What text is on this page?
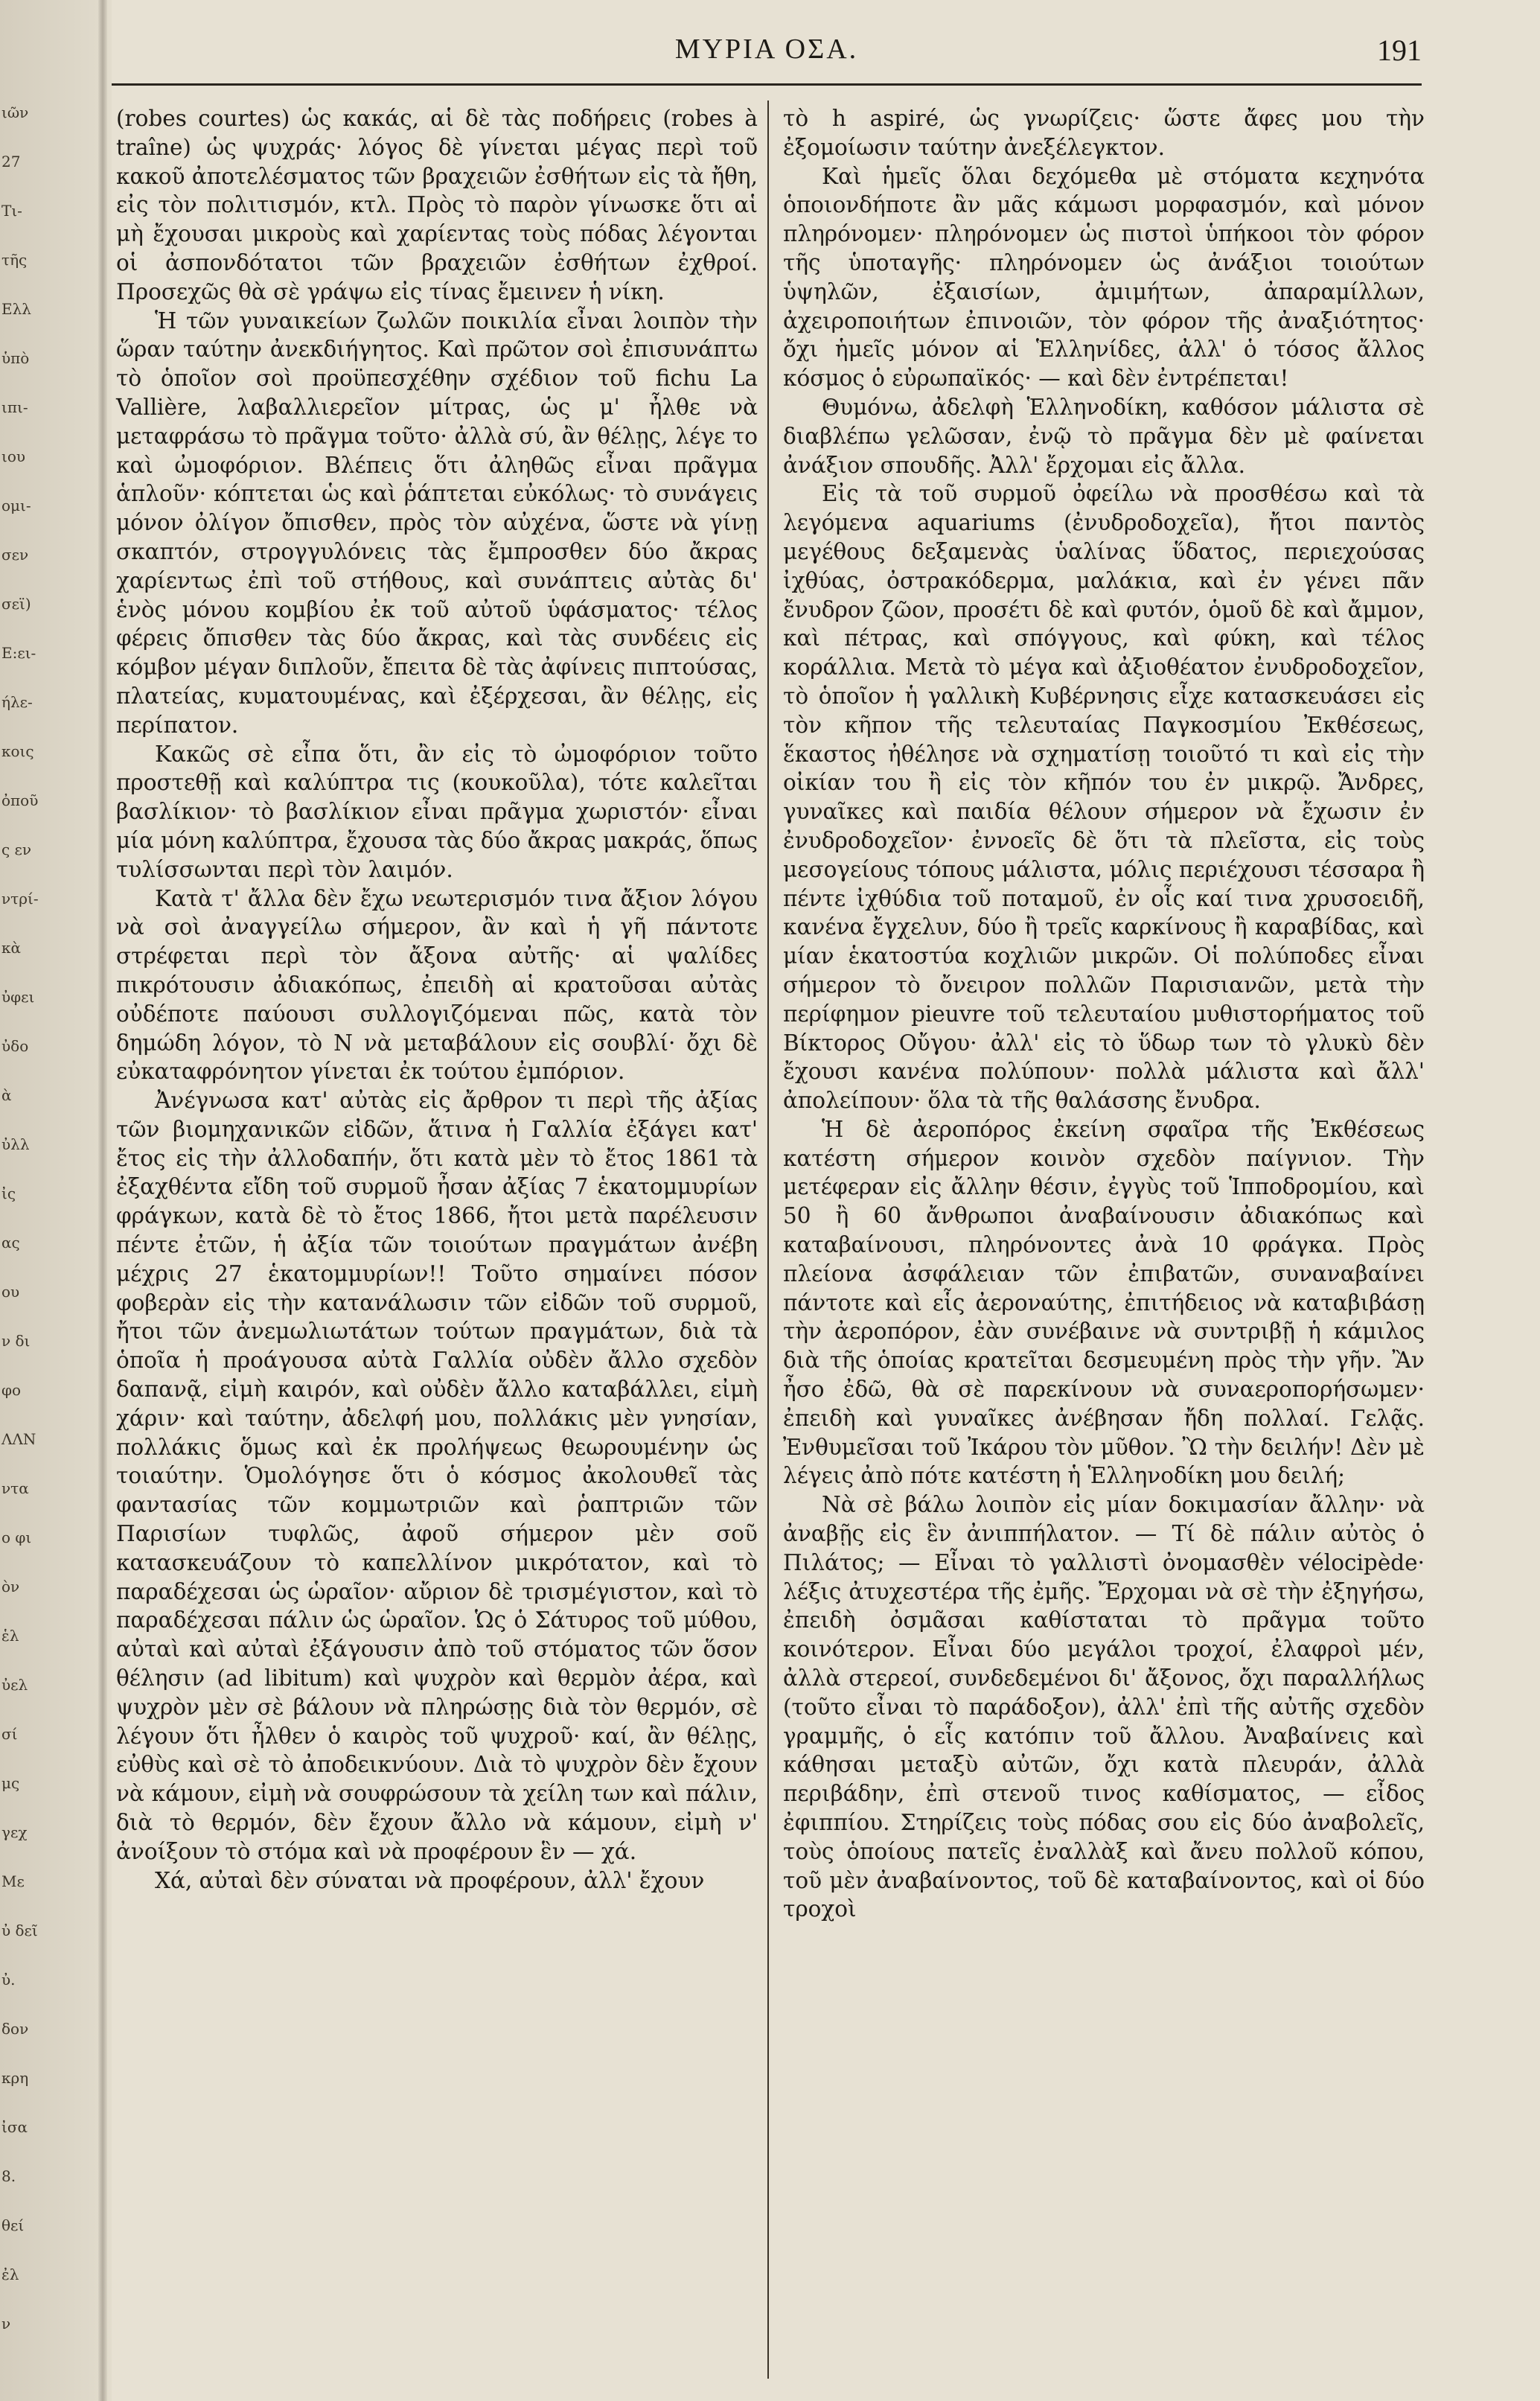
ιῶν
27
Tι-
τῆς
Ελλ
ὑπὸ
ιπι-
ιου
ομι-
σεν
σεϊ)
Ε:ει-
ήλε-
κοις
ὀποῦ
ς εν
ντρί-
κὰ
ὐφει
ὐδο
ὰ
ὐλλ
ἰς
ας
ου
ν δι
φο
ΛΛΝ
ντα
ο φι
ὸν
ἑλ
ὐελ
σί
μς
γεχ
Με
ὐ δεῖ
ὐ.
δον
κρη
ἰσα
8.
θεί
ἐλ
ν
ΜΥΡΙΑ ΟΣΑ.	191

(robes courtes) ὡς κακάς, αἱ δὲ τὰς ποδήρεις (robes à traîne) ὡς ψυχράς· λόγος δὲ γίνεται μέγας περὶ τοῦ κακοῦ ἀποτελέσματος τῶν βραχειῶν ἐσθήτων εἰς τὰ ἤθη, εἰς τὸν πολιτισμόν, κτλ. Πρὸς τὸ παρὸν γίνωσκε ὅτι αἱ μὴ ἔχουσαι μικροὺς καὶ χαρίεντας τοὺς πόδας λέγονται οἱ ἀσπονδότατοι τῶν βραχειῶν ἐσθήτων ἐχθροί. Προσεχῶς θὰ σὲ γράψω εἰς τίνας ἔμεινεν ἡ νίκη.

Ἡ τῶν γυναικείων ζωλῶν ποικιλία εἶναι λοιπὸν τὴν ὥραν ταύτην ἀνεκδιήγητος. Καὶ πρῶτον σοὶ ἐπισυνάπτω τὸ ὁποῖον σοὶ προϋπεσχέθην σχέδιον τοῦ fichu La Vallière, λαβαλλιερεῖον μίτρας, ὡς μ' ἦλθε νὰ μεταφράσω τὸ πρᾶγμα τοῦτο· ἀλλὰ σύ, ἂν θέλῃς, λέγε το καὶ ὠμοφόριον. Βλέπεις ὅτι ἀληθῶς εἶναι πρᾶγμα ἁπλοῦν· κόπτεται ὡς καὶ ῥάπτεται εὐκόλως· τὸ συνάγεις μόνον ὀλίγον ὄπισθεν, πρὸς τὸν αὐχένα, ὥστε νὰ γίνῃ σκαπτόν, στρογγυλόνεις τὰς ἔμπροσθεν δύο ἄκρας χαρίεντως ἐπὶ τοῦ στήθους, καὶ συνάπτεις αὐτὰς δι' ἑνὸς μόνου κομβίου ἐκ τοῦ αὐτοῦ ὑφάσματος· τέλος φέρεις ὄπισθεν τὰς δύο ἄκρας, καὶ τὰς συνδέεις εἰς κόμβον μέγαν διπλοῦν, ἔπειτα δὲ τὰς ἀφίνεις πιπτούσας, πλατείας, κυματουμένας, καὶ ἐξέρχεσαι, ἂν θέλῃς, εἰς περίπατον.

Κακῶς σὲ εἶπα ὅτι, ἂν εἰς τὸ ὠμοφόριον τοῦτο προστεθῇ καὶ καλύπτρα τις (κουκοῦλα), τότε καλεῖται βασλίκιον· τὸ βασλίκιον εἶναι πρᾶγμα χωριστόν· εἶναι μία μόνη καλύπτρα, ἔχουσα τὰς δύο ἄκρας μακράς, ὅπως τυλίσσωνται περὶ τὸν λαιμόν.

Κατὰ τ' ἄλλα δὲν ἔχω νεωτερισμόν τινα ἄξιον λόγου νὰ σοὶ ἀναγγείλω σήμερον, ἂν καὶ ἡ γῆ πάντοτε στρέφεται περὶ τὸν ἄξονα αὐτῆς· αἱ ψαλίδες πικρότουσιν ἀδιακόπως, ἐπειδὴ αἱ κρατοῦσαι αὐτὰς οὐδέποτε παύουσι συλλογιζόμεναι πῶς, κατὰ τὸν δημώδη λόγον, τὸ Ν νὰ μεταβάλουν εἰς σουβλί· ὄχι δὲ εὐκαταφρόνητον γίνεται ἐκ τούτου ἐμπόριον.

Ἀνέγνωσα κατ' αὐτὰς εἰς ἄρθρον τι περὶ τῆς ἀξίας τῶν βιομηχανικῶν εἰδῶν, ἅτινα ἡ Γαλλία ἐξάγει κατ' ἔτος εἰς τὴν ἀλλοδαπήν, ὅτι κατὰ μὲν τὸ ἔτος 1861 τὰ ἐξαχθέντα εἴδη τοῦ συρμοῦ ἦσαν ἀξίας 7 ἑκατομμυρίων φράγκων, κατὰ δὲ τὸ ἔτος 1866, ἤτοι μετὰ παρέλευσιν πέντε ἐτῶν, ἡ ἀξία τῶν τοιούτων πραγμάτων ἀνέβη μέχρις 27 ἑκατομμυρίων!! Τοῦτο σημαίνει πόσον φοβερὰν εἰς τὴν κατανάλωσιν τῶν εἰδῶν τοῦ συρμοῦ, ἤτοι τῶν ἀνεμωλιωτάτων τούτων πραγμάτων, διὰ τὰ ὁποῖα ἡ προάγουσα αὐτὰ Γαλλία οὐδὲν ἄλλο σχεδὸν δαπανᾷ, εἰμὴ καιρόν, καὶ οὐδὲν ἄλλο καταβάλλει, εἰμὴ χάριν· καὶ ταύτην, ἀδελφή μου, πολλάκις μὲν γνησίαν, πολλάκις ὅμως καὶ ἐκ προλήψεως θεωρουμένην ὡς τοιαύτην. Ὁμολόγησε ὅτι ὁ κόσμος ἀκολουθεῖ τὰς φαντασίας τῶν κομμωτριῶν καὶ ῥαπτριῶν τῶν Παρισίων τυφλῶς, ἀφοῦ σήμερον μὲν σοῦ κατασκευάζουν τὸ καπελλίνον μικρότατον, καὶ τὸ παραδέχεσαι ὡς ὡραῖον· αὔριον δὲ τρισμέγιστον, καὶ τὸ παραδέχεσαι πάλιν ὡς ὡραῖον. Ὡς ὁ Σάτυρος τοῦ μύθου, αὐταὶ καὶ αὐταὶ ἐξάγουσιν ἀπὸ τοῦ στόματος τῶν ὅσον θέλησιν (ad libitum) καὶ ψυχρὸν καὶ θερμὸν ἀέρα, καὶ ψυχρὸν μὲν σὲ βάλουν νὰ πληρώσῃς διὰ τὸν θερμόν, σὲ λέγουν ὅτι ἦλθεν ὁ καιρὸς τοῦ ψυχροῦ· καί, ἂν θέλῃς, εὐθὺς καὶ σὲ τὸ ἀποδεικνύουν. Διὰ τὸ ψυχρὸν δὲν ἔχουν νὰ κάμουν, εἰμὴ νὰ σουφρώσουν τὰ χείλη των καὶ πάλιν, διὰ τὸ θερμόν, δὲν ἔχουν ἄλλο νὰ κάμουν, εἰμὴ ν' ἀνοίξουν τὸ στόμα καὶ νὰ προφέρουν ἓν — χά.

Χά, αὐταὶ δὲν σύναται νὰ προφέρουν, ἀλλ' ἔχουν

τὸ h aspiré, ὡς γνωρίζεις· ὥστε ἄφες μου τὴν ἐξομοίωσιν ταύτην ἀνεξέλεγκτον.

Καὶ ἡμεῖς ὅλαι δεχόμεθα μὲ στόματα κεχηνότα ὁποιονδήποτε ἂν μᾶς κάμωσι μορφασμόν, καὶ μόνον πληρόνομεν· πληρόνομεν ὡς πιστοὶ ὑπήκοοι τὸν φόρον τῆς ὑποταγῆς· πληρόνομεν ὡς ἀνάξιοι τοιούτων ὑψηλῶν, ἐξαισίων, ἀμιμήτων, ἀπαραμίλλων, ἀχειροποιήτων ἐπινοιῶν, τὸν φόρον τῆς ἀναξιότητος· ὄχι ἡμεῖς μόνον αἱ Ἑλληνίδες, ἀλλ' ὁ τόσος ἄλλος κόσμος ὁ εὐρωπαϊκός· — καὶ δὲν ἐντρέπεται!

Θυμόνω, ἀδελφὴ Ἑλληνοδίκη, καθόσον μάλιστα σὲ διαβλέπω γελῶσαν, ἐνῷ τὸ πρᾶγμα δὲν μὲ φαίνεται ἀνάξιον σπουδῆς. Ἀλλ' ἔρχομαι εἰς ἄλλα.

Εἰς τὰ τοῦ συρμοῦ ὀφείλω νὰ προσθέσω καὶ τὰ λεγόμενα aquariums (ἐνυδροδοχεῖα), ἤτοι παντὸς μεγέθους δεξαμενὰς ὑαλίνας ὕδατος, περιεχούσας ἰχθύας, ὀστρακόδερμα, μαλάκια, καὶ ἐν γένει πᾶν ἔνυδρον ζῶον, προσέτι δὲ καὶ φυτόν, ὁμοῦ δὲ καὶ ἄμμον, καὶ πέτρας, καὶ σπόγγους, καὶ φύκη, καὶ τέλος κοράλλια. Μετὰ τὸ μέγα καὶ ἀξιοθέατον ἐνυδροδοχεῖον, τὸ ὁποῖον ἡ γαλλικὴ Κυβέρνησις εἶχε κατασκευάσει εἰς τὸν κῆπον τῆς τελευταίας Παγκοσμίου Ἐκθέσεως, ἕκαστος ἠθέλησε νὰ σχηματίσῃ τοιοῦτό τι καὶ εἰς τὴν οἰκίαν του ἢ εἰς τὸν κῆπόν του ἐν μικρῷ. Ἄνδρες, γυναῖκες καὶ παιδία θέλουν σήμερον νὰ ἔχωσιν ἐν ἐνυδροδοχεῖον· ἐννοεῖς δὲ ὅτι τὰ πλεῖστα, εἰς τοὺς μεσογείους τόπους μάλιστα, μόλις περιέχουσι τέσσαρα ἢ πέντε ἰχθύδια τοῦ ποταμοῦ, ἐν οἷς καί τινα χρυσοειδῆ, κανένα ἔγχελυν, δύο ἢ τρεῖς καρκίνους ἢ καραβίδας, καὶ μίαν ἑκατοστύα κοχλιῶν μικρῶν. Οἱ πολύποδες εἶναι σήμερον τὸ ὄνειρον πολλῶν Παρισιανῶν, μετὰ τὴν περίφημον pieuvre τοῦ τελευταίου μυθιστορήματος τοῦ Βίκτορος Οὔγου· ἀλλ' εἰς τὸ ὕδωρ των τὸ γλυκὺ δὲν ἔχουσι κανένα πολύπουν· πολλὰ μάλιστα καὶ ἄλλ' ἀπολείπουν· ὅλα τὰ τῆς θαλάσσης ἔνυδρα.

Ἡ δὲ ἀεροπόρος ἐκείνη σφαῖρα τῆς Ἐκθέσεως κατέστη σήμερον κοινὸν σχεδὸν παίγνιον. Τὴν μετέφεραν εἰς ἄλλην θέσιν, ἐγγὺς τοῦ Ἱπποδρομίου, καὶ 50 ἢ 60 ἄνθρωποι ἀναβαίνουσιν ἀδιακόπως καὶ καταβαίνουσι, πληρόνοντες ἀνὰ 10 φράγκα. Πρὸς πλείονα ἀσφάλειαν τῶν ἐπιβατῶν, συναναβαίνει πάντοτε καὶ εἷς ἀεροναύτης, ἐπιτήδειος νὰ καταβιβάσῃ τὴν ἀεροπόρον, ἐὰν συνέβαινε νὰ συντριβῇ ἡ κάμιλος διὰ τῆς ὁποίας κρατεῖται δεσμευμένη πρὸς τὴν γῆν. Ἂν ἦσο ἐδῶ, θὰ σὲ παρεκίνουν νὰ συναεροπορήσωμεν· ἐπειδὴ καὶ γυναῖκες ἀνέβησαν ἤδη πολλαί. Γελᾷς. Ἐνθυμεῖσαι τοῦ Ἰκάρου τὸν μῦθον. Ὢ τὴν δειλήν! Δὲν μὲ λέγεις ἀπὸ πότε κατέστη ἡ Ἑλληνοδίκη μου δειλή;

Νὰ σὲ βάλω λοιπὸν εἰς μίαν δοκιμασίαν ἄλλην· νὰ ἀναβῇς εἰς ἓν ἀνιππήλατον. — Τί δὲ πάλιν αὐτὸς ὁ Πιλάτος; — Εἶναι τὸ γαλλιστὶ ὀνομασθὲν vélocipède· λέξις ἀτυχεστέρα τῆς ἐμῆς. Ἔρχομαι νὰ σὲ τὴν ἐξηγήσω, ἐπειδὴ ὀσμᾶσαι καθίσταται τὸ πρᾶγμα τοῦτο κοινότερον. Εἶναι δύο μεγάλοι τροχοί, ἐλαφροὶ μέν, ἀλλὰ στερεοί, συνδεδεμένοι δι' ἄξονος, ὄχι παραλλήλως (τοῦτο εἶναι τὸ παράδοξον), ἀλλ' ἐπὶ τῆς αὐτῆς σχεδὸν γραμμῆς, ὁ εἷς κατόπιν τοῦ ἄλλου. Ἀναβαίνεις καὶ κάθησαι μεταξὺ αὐτῶν, ὄχι κατὰ πλευράν, ἀλλὰ περιβάδην, ἐπὶ στενοῦ τινος καθίσματος, — εἶδος ἐφιππίου. Στηρίζεις τοὺς πόδας σου εἰς δύο ἀναβολεῖς, τοὺς ὁποίους πατεῖς ἐναλλὰξ καὶ ἄνευ πολλοῦ κόπου, τοῦ μὲν ἀναβαίνοντος, τοῦ δὲ καταβαίνοντος, καὶ οἱ δύο τροχοὶ
